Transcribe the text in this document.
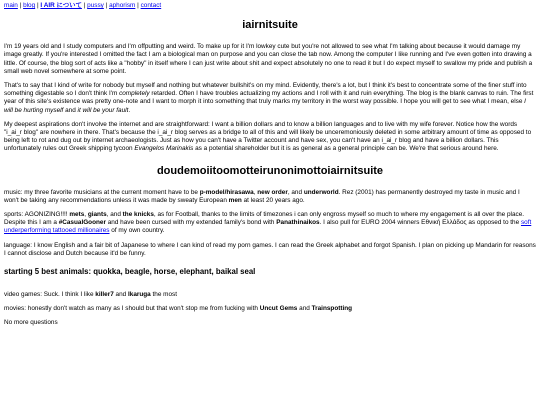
main | blog | I AIR について | pussy | aphorism | contact
iairnitsuite

I'm 19 years old and I study computers and I'm offputting and weird. To make up for it I'm lowkey cute but you're not allowed to see what I'm talking about because it would damage my image greatly. If you're interested I omitted the fact I am a biological man on purpose and you can close the tab now. Among the computer I like running and I've even gotten into drawing a little. Of course, the blog sort of acts like a "hobby" in itself where I can just write about shit and expect absolutely no one to read it but I do expect myself to swallow my pride and publish a small web novel somewhere at some point.

That's to say that I kind of write for nobody but myself and nothing but whatever bullshit's on my mind. Evidently, there's a lot, but I think it's best to concentrate some of the finer stuff into something digestable so I don't think I'm completely retarded. Often I have troubles actualizing my actions and I roll with it and ruin everything. The blog is the blank canvas to ruin. The first year of this site's existence was pretty one-note and I want to morph it into something that truly marks my territory in the worst way possible. I hope you will get to see what I mean, else I will be hurting myself and it will be your fault.

My deepest aspirations don't involve the internet and are straightforward: I want a billion dollars and to know a billion languages and to live with my wife forever. Notice how the words "i_ai_r blog" are nowhere in there. That's because the i_ai_r blog serves as a bridge to all of this and will likely be unceremoniously deleted in some arbitrary amount of time as opposed to being left to rot and dug out by internet archaeologists. Just as how you can't have a Twitter account and have sex, you can't have an i_ai_r blog and have a billion dollars. This unfortunately rules out Greek shipping tycoon Evangelos Marinakis as a potential shareholder but it is as general as a general principle can be. We're that serious around here.

doudemoiitoomotteirunonimottoiairnitsuite

music: my three favorite musicians at the current moment have to be p-model/hirasawa, new order, and underworld. Rez (2001) has permanently destroyed my taste in music and I won't be taking any recommendations unless it was made by sweaty European men at least 20 years ago.

sports: AGONIZING!!!! mets, giants, and the knicks, as for Football, thanks to the limits of timezones i can only engross myself so much to where my engagement is all over the place. Despite this I am a #CasualGooner and have been cursed with my extended family's bond with Panathinaikos. I also pull for EURO 2004 winners Εθνική Ελλάδος as opposed to the soft underperforming tattooed millionaires of my own country.

language: I know English and a fair bit of Japanese to where I can kind of read my porn games. I can read the Greek alphabet and forgot Spanish. I plan on picking up Mandarin for reasons I cannot disclose and Dutch because it'd be funny.

starting 5 best animals: quokka, beagle, horse, elephant, baikal seal

video games: Suck. I think I like killer7 and Ikaruga the most

movies: honestly don't watch as many as I should but that won't stop me from fucking with Uncut Gems and Trainspotting

No more questions
